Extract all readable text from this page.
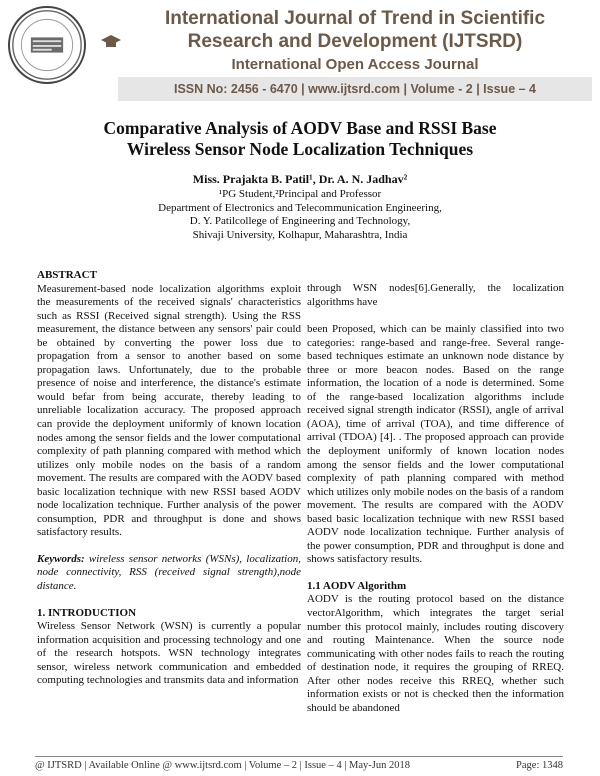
International Journal of Trend in Scientific
Research and Development (IJTSRD)
International Open Access Journal
ISSN No: 2456 - 6470 | www.ijtsrd.com | Volume - 2 | Issue – 4
Comparative Analysis of AODV Base and RSSI Base
Wireless Sensor Node Localization Techniques
Miss. Prajakta B. Patil¹, Dr. A. N. Jadhav²
¹PG Student,²Principal and Professor
Department of Electronics and Telecommunication Engineering,
D. Y. Patilcollege of Engineering and Technology,
Shivaji University, Kolhapur, Maharashtra, India

ABSTRACT

Measurement-based node localization algorithms exploit the measurements of the received signals' characteristics such as RSSI (Received signal strength). Using the RSS measurement, the distance between any sensors' pair could be obtained by converting the power loss due to propagation from a sensor to another based on some propagation laws. Unfortunately, due to the probable presence of noise and interference, the distance's estimate would befar from being accurate, thereby leading to unreliable localization accuracy. The proposed approach can provide the deployment uniformly of known location nodes among the sensor fields and the lower computational complexity of path planning compared with method which utilizes only mobile nodes on the basis of a random movement. The results are compared with the AODV based basic localization technique with new RSSI based AODV node localization technique. Further analysis of the power consumption, PDR and throughput is done and shows satisfactory results.

Keywords: wireless sensor networks (WSNs), localization, node connectivity, RSS (received signal strength),node distance.

1. INTRODUCTION

Wireless Sensor Network (WSN) is currently a popular information acquisition and processing technology and one of the research hotspots. WSN technology integrates sensor, wireless network communication and embedded computing technologies and transmits data and information

through WSN nodes[6].Generally, the localization algorithms have

been Proposed, which can be mainly classified into two categories: range-based and range-free. Several range-based techniques estimate an unknown node distance by three or more beacon nodes. Based on the range information, the location of a node is determined. Some of the range-based localization algorithms include received signal strength indicator (RSSI), angle of arrival (AOA), time of arrival (TOA), and time difference of arrival (TDOA) [4]. . The proposed approach can provide the deployment uniformly of known location nodes among the sensor fields and the lower computational complexity of path planning compared with method which utilizes only mobile nodes on the basis of a random movement. The results are compared with the AODV based basic localization technique with new RSSI based AODV node localization technique. Further analysis of the power consumption, PDR and throughput is done and shows satisfactory results.

1.1 AODV Algorithm

AODV is the routing protocol based on the distance vectorAlgorithm, which integrates the target serial number this protocol mainly, includes routing discovery and routing Maintenance. When the source node communicating with other nodes fails to reach the routing of destination node, it requires the grouping of RREQ. After other nodes receive this RREQ, whether such information exists or not is checked then the information should be abandoned

@ IJTSRD | Available Online @ www.ijtsrd.com | Volume – 2 | Issue – 4 | May-Jun 2018	Page: 1348
